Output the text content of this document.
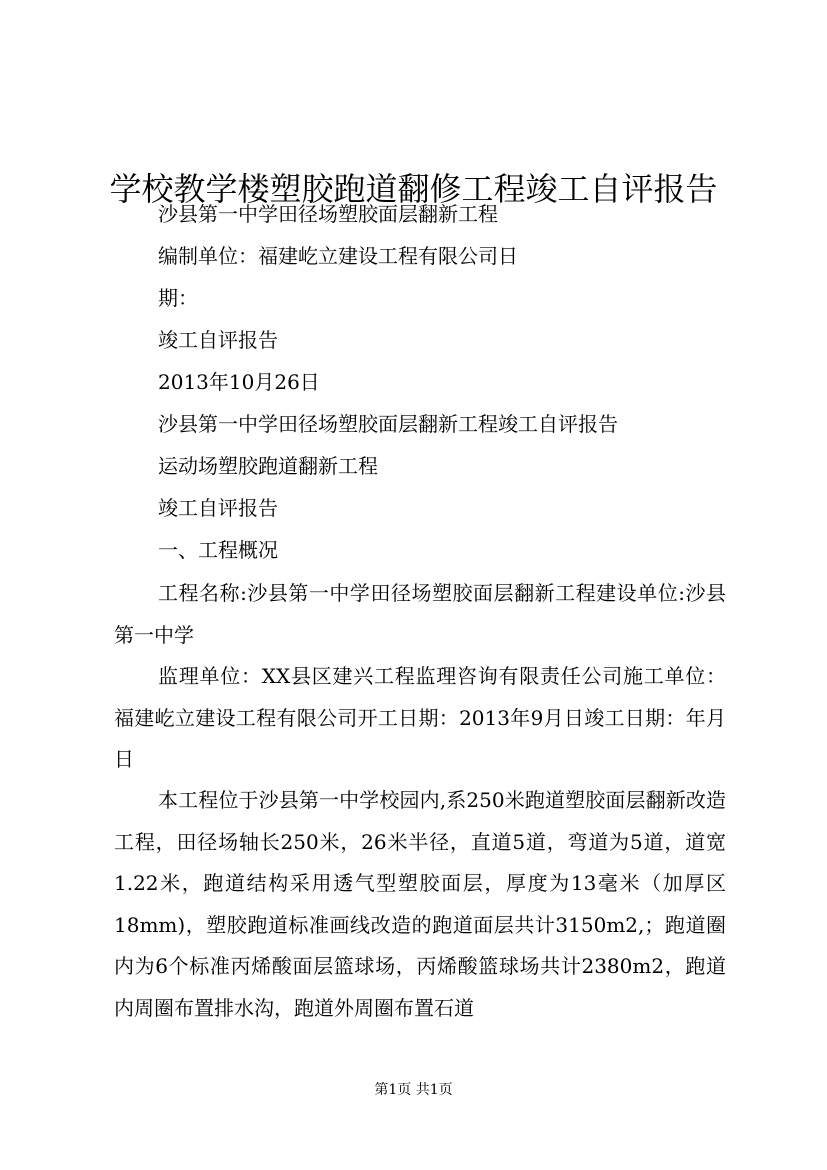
学校教学楼塑胶跑道翻修工程竣工自评报告
沙县第一中学田径场塑胶面层翻新工程
编制单位：福建屹立建设工程有限公司日
期：
竣工自评报告
2013年10月26日
沙县第一中学田径场塑胶面层翻新工程竣工自评报告
运动场塑胶跑道翻新工程
竣工自评报告
一、工程概况

工程名称:沙县第一中学田径场塑胶面层翻新工程建设单位:沙县第一中学

监理单位：XX县区建兴工程监理咨询有限责任公司施工单位：福建屹立建设工程有限公司开工日期：2013年9月日竣工日期：年月日

本工程位于沙县第一中学校园内,系250米跑道塑胶面层翻新改造工程，田径场轴长250米，26米半径，直道5道，弯道为5道，道宽1.22米，跑道结构采用透气型塑胶面层，厚度为13毫米（加厚区18mm)，塑胶跑道标准画线改造的跑道面层共计3150m2,；跑道圈内为6个标准丙烯酸面层篮球场，丙烯酸篮球场共计2380m2，跑道内周圈布置排水沟，跑道外周圈布置石道

第1页 共1页
